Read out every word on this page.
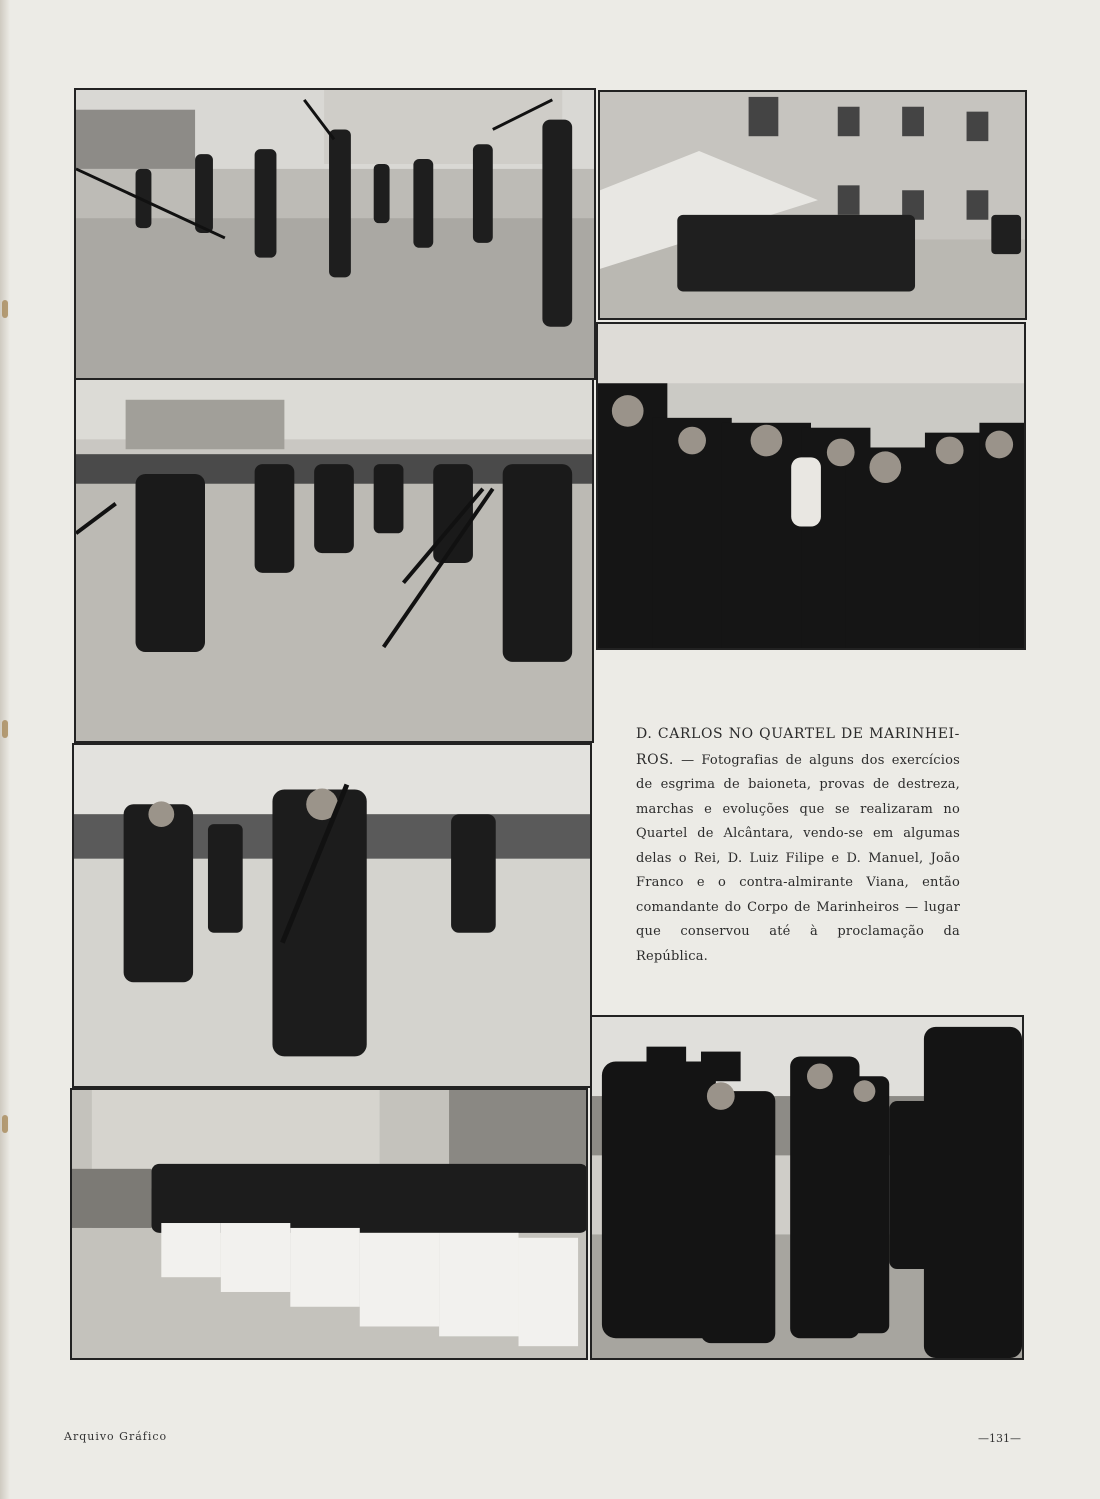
D. CARLOS NO QUARTEL DE MARINHEI-ROS. — Fotografias de alguns dos exercícios de esgrima de baioneta, provas de destreza, marchas e evoluções que se realizaram no Quartel de Alcântara, vendo-se em algumas delas o Rei, D. Luiz Filipe e D. Manuel, João Franco e o contra-almirante Viana, então comandante do Corpo de Marinheiros — lugar que conservou até à proclamação da República.
Arquivo Gráfico	—131—
